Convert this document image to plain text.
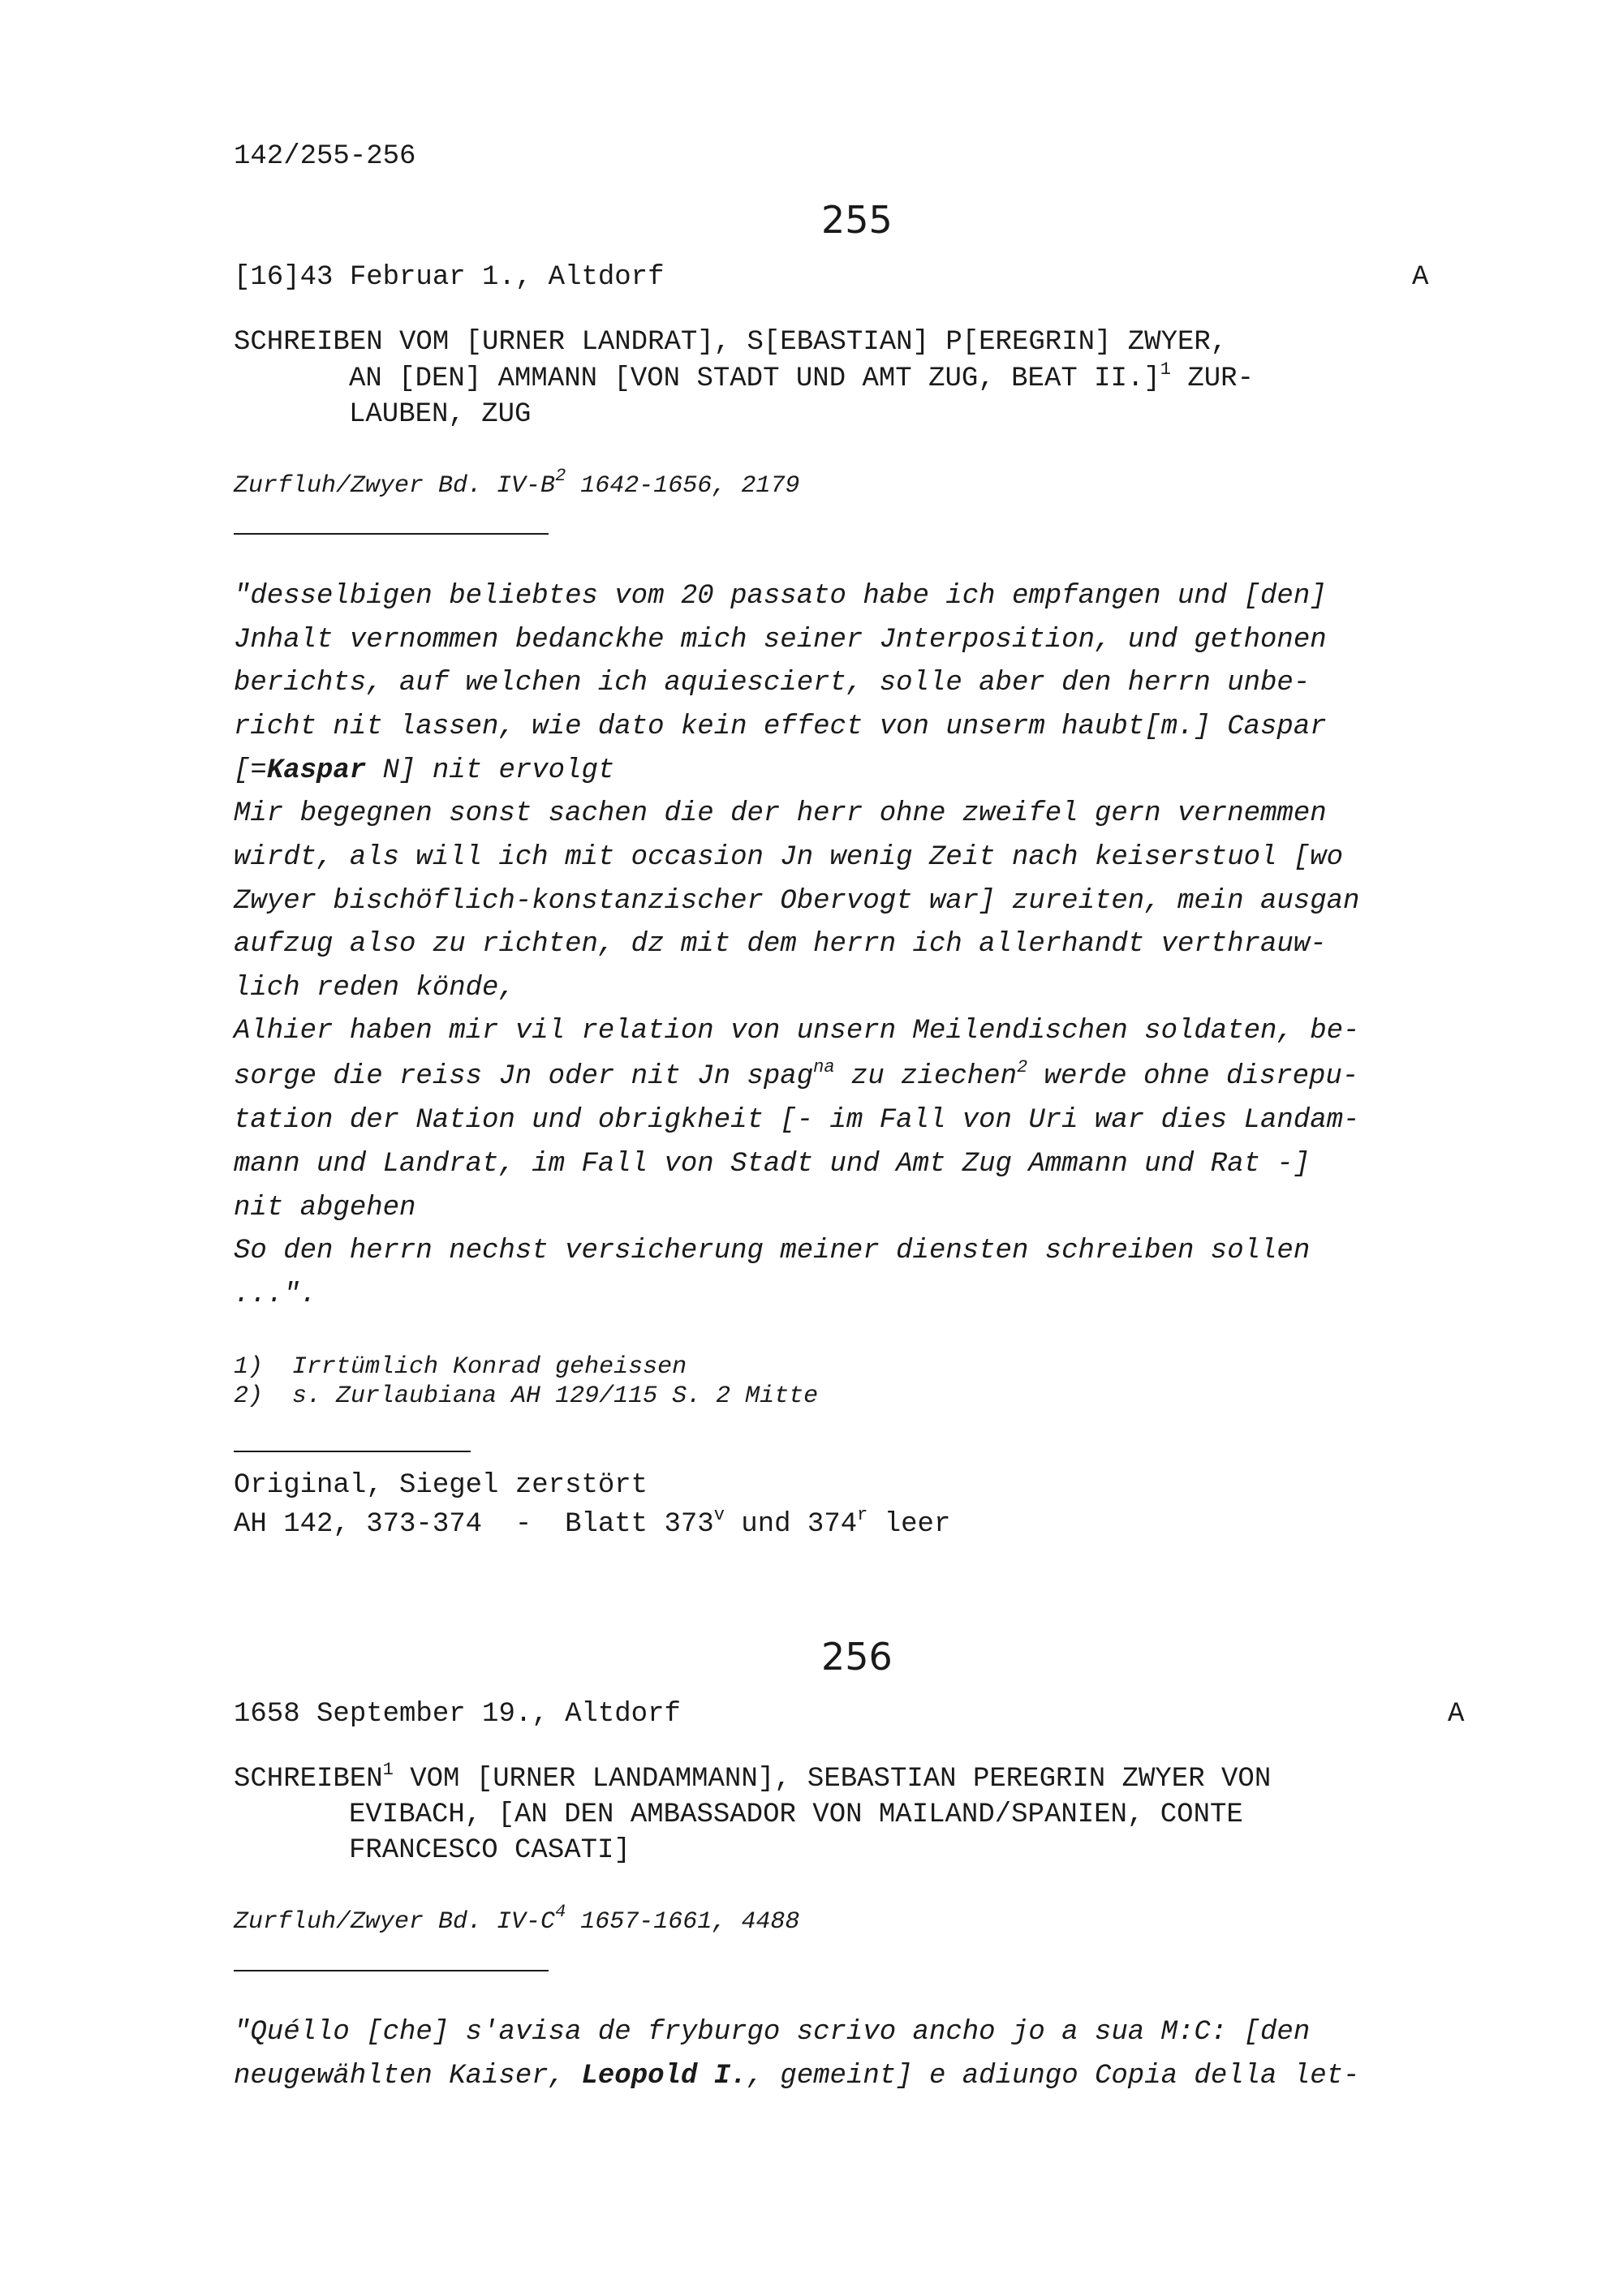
142/255-256

255

[16]43 Februar 1., Altdorf	A

SCHREIBEN VOM [URNER LANDRAT], S[EBASTIAN] P[EREGRIN] ZWYER,

AN [DEN] AMMANN [VON STADT UND AMT ZUG, BEAT II.]$^1$ ZUR-

LAUBEN, ZUG

Zurfluh/Zwyer Bd. $IV-B^2$ 1642-1656, 2179

"desselbigen beliebtes vom 20 passato habe ich empfangen und [den]

Jnhalt vernommen bedanckhe mich seiner Jnterposition, und gethonen

berichts, auf welchen ich aquiesciert, solle aber den herrn unbe-

richt nit lassen, wie dato kein effect von unserm haubt[m.] Caspar

[=Kaspar N] nit ervolgt

Mir begegnen sonst sachen die der herr ohne zweifel gern vernemmen

wirdt, als will ich mit occasion Jn wenig Zeit nach keiserstuol [wo

Zwyer bischöflich-konstanzischer Obervogt war] zureiten, mein ausgan

aufzug also zu richten, dz mit dem herrn ich allerhandt verthrauw-

lich reden könde,

Alhier haben mir vil relation von unsern Meilendischen soldaten, be-

sorge die reiss Jn oder nit Jn spag$^{na}$ zu ziechen$^2$ werde ohne disrepu-

tation der Nation und obrigkheit [- im Fall von Uri war dies Landam-

mann und Landrat, im Fall von Stadt und Amt Zug Ammann und Rat -]

nit abgehen

So den herrn nechst versicherung meiner diensten schreiben sollen

...".

1)  Irrtümlich Konrad geheissen

2)  s. Zurlaubiana AH 129/115 S. 2 Mitte

Original, Siegel zerstört

AH 142, 373-374  -  Blatt 373$^v$ und 374$^r$ leer

256

1658 September 19., Altdorf	A

SCHREIBEN$^1$ VOM [URNER LANDAMMANN], SEBASTIAN PEREGRIN ZWYER VON

EVIBACH, [AN DEN AMBASSADOR VON MAILAND/SPANIEN, CONTE

FRANCESCO CASATI]

Zurfluh/Zwyer Bd. $IV-C^4$ 1657-1661, 4488

"Quéllo [che] s'avisa de fryburgo scrivo ancho jo a sua M:C: [den

neugewählten Kaiser, Leopold I., gemeint] e adiungo Copia della let-
